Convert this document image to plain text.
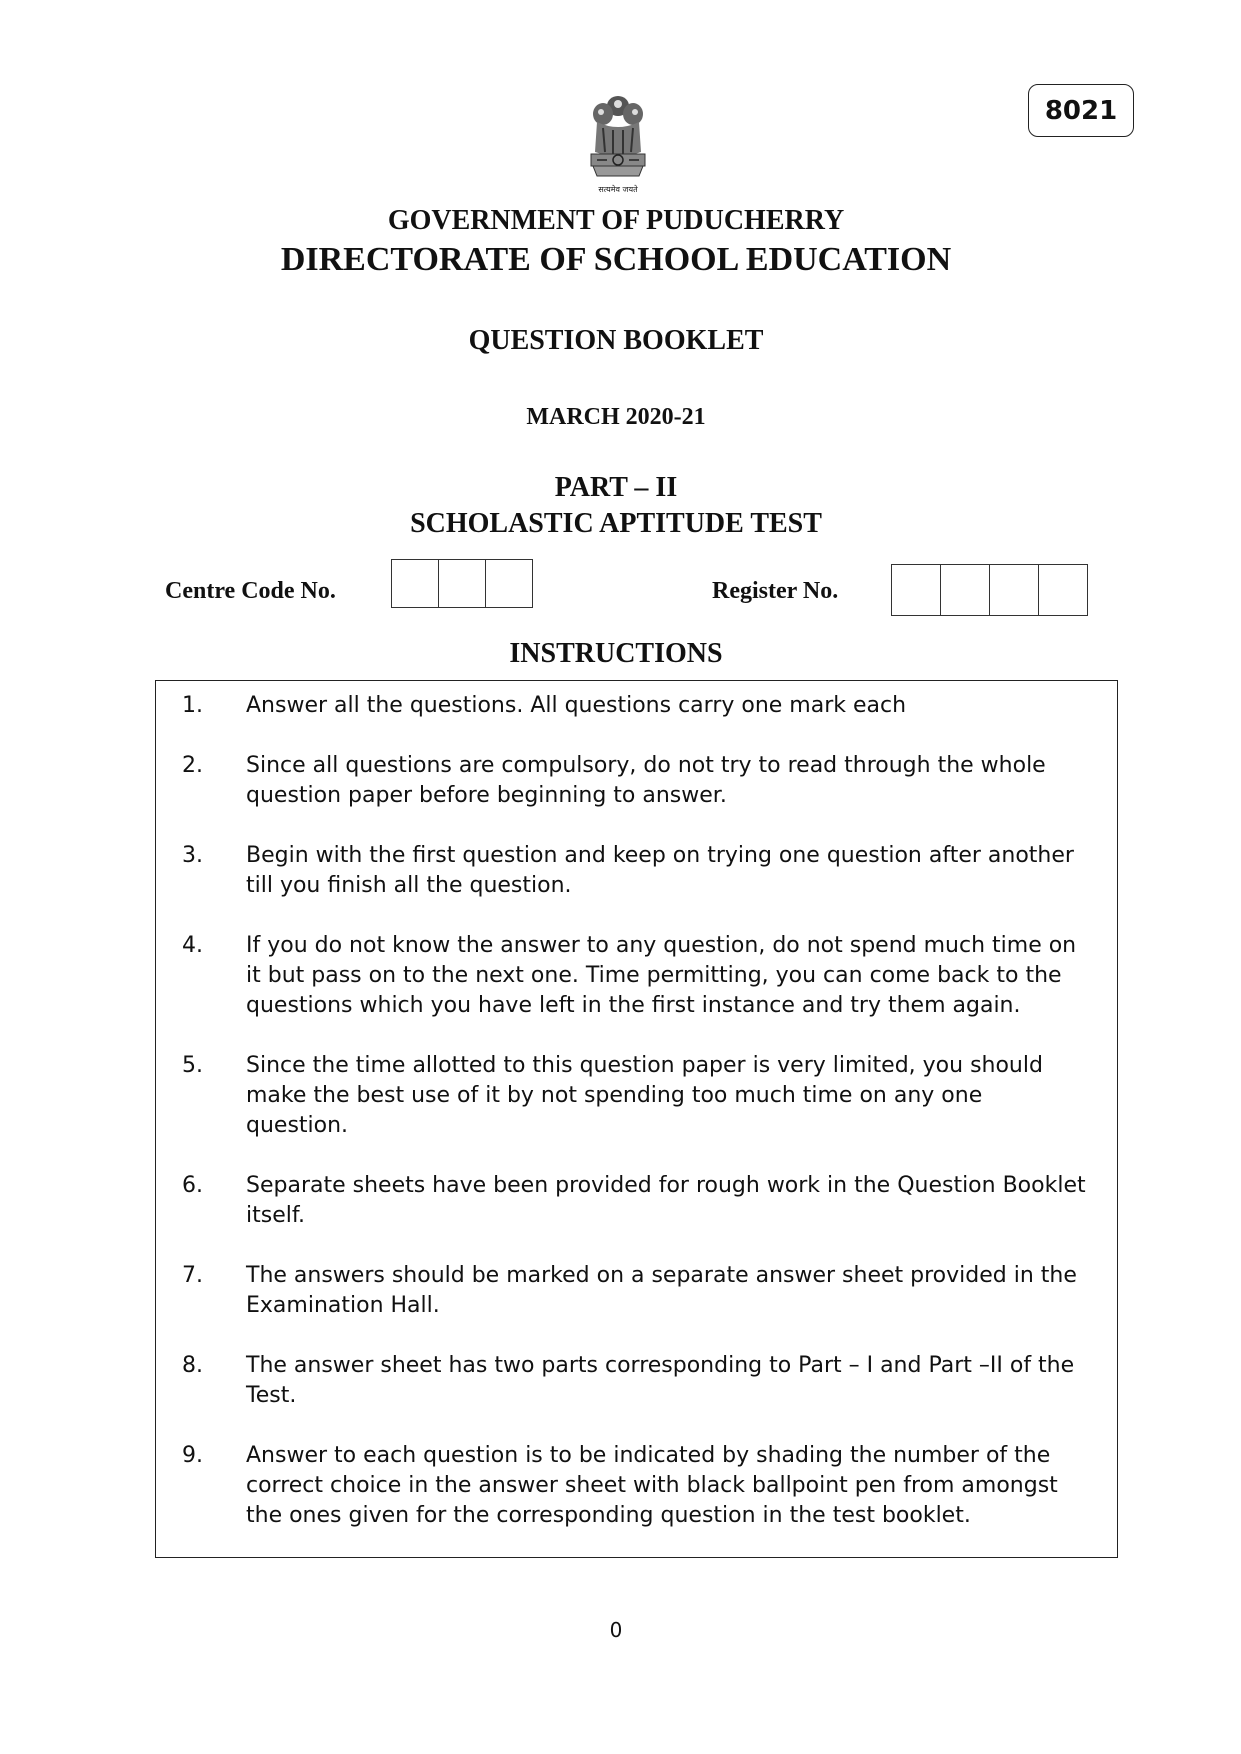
8021
सत्यमेव जयते
GOVERNMENT OF PUDUCHERRY
DIRECTORATE OF SCHOOL EDUCATION
QUESTION BOOKLET
MARCH 2020-21
PART – II
SCHOLASTIC APTITUDE TEST
Centre Code No.	Register No.
INSTRUCTIONS
1. Answer all the questions. All questions carry one mark each
2. Since all questions are compulsory, do not try to read through the whole question paper before beginning to answer.
3. Begin with the first question and keep on trying one question after another till you finish all the question.
4. If you do not know the answer to any question, do not spend much time on it but pass on to the next one. Time permitting, you can come back to the questions which you have left in the first instance and try them again.
5. Since the time allotted to this question paper is very limited, you should make the best use of it by not spending too much time on any one question.
6. Separate sheets have been provided for rough work in the Question Booklet itself.
7. The answers should be marked on a separate answer sheet provided in the Examination Hall.
8. The answer sheet has two parts corresponding to Part – I and Part –II of the Test.
9. Answer to each question is to be indicated by shading the number of the correct choice in the answer sheet with black ballpoint pen from amongst the ones given for the corresponding question in the test booklet.
0
